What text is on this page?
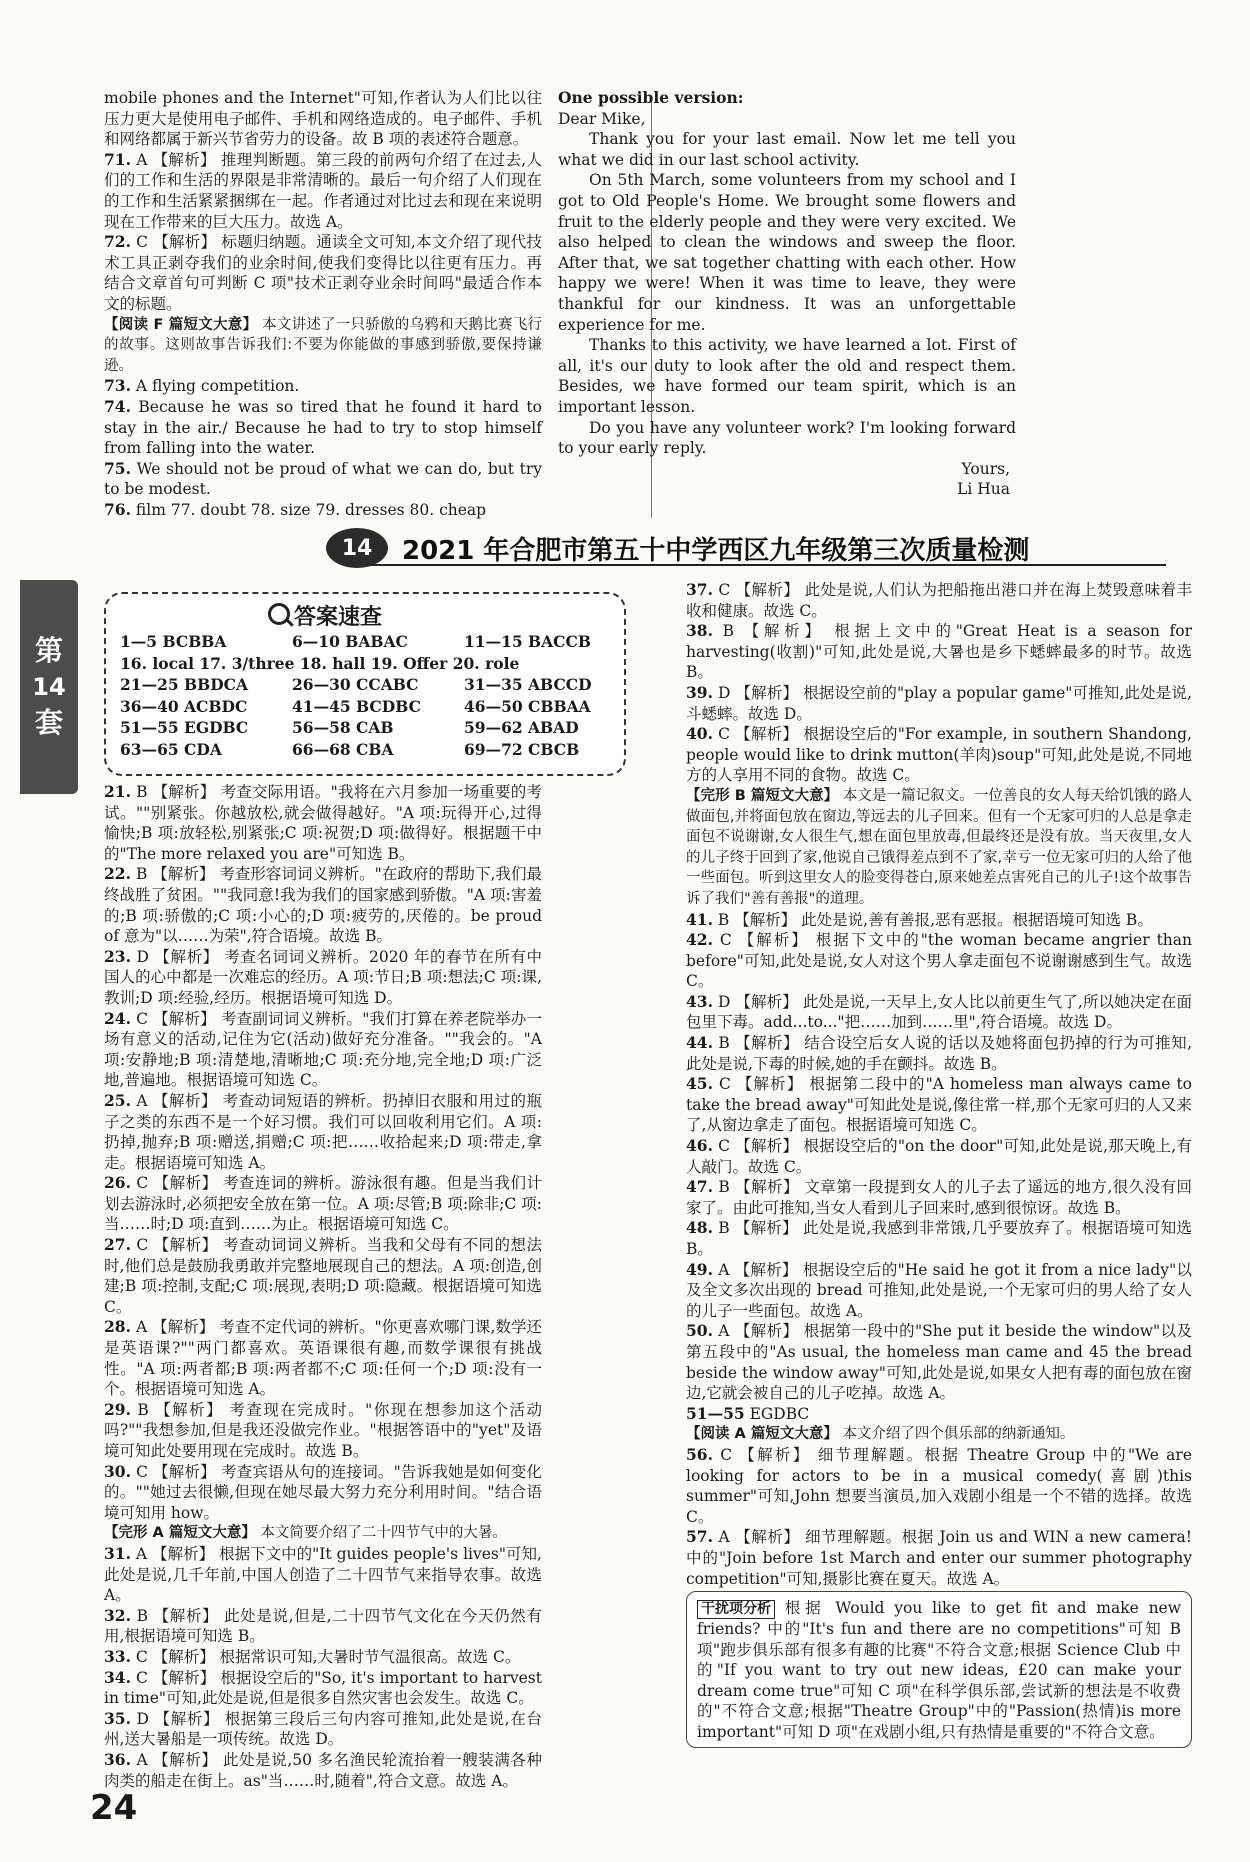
mobile phones and the Internet"可知,作者认为人们比以往压力更大是使用电子邮件、手机和网络造成的。电子邮件、手机和网络都属于新兴节省劳力的设备。故 B 项的表述符合题意。

71. A 【解析】 推理判断题。第三段的前两句介绍了在过去,人们的工作和生活的界限是非常清晰的。最后一句介绍了人们现在的工作和生活紧紧捆绑在一起。作者通过对比过去和现在来说明现在工作带来的巨大压力。故选 A。

72. C 【解析】 标题归纳题。通读全文可知,本文介绍了现代技术工具正剥夺我们的业余时间,使我们变得比以往更有压力。再结合文章首句可判断 C 项"技术正剥夺业余时间吗"最适合作本文的标题。

【阅读 F 篇短文大意】 本文讲述了一只骄傲的乌鸦和天鹅比赛飞行的故事。这则故事告诉我们:不要为你能做的事感到骄傲,要保持谦逊。

73. A flying competition.

74. Because he was so tired that he found it hard to stay in the air./ Because he had to try to stop himself from falling into the water.

75. We should not be proud of what we can do, but try to be modest.

76. film 77. doubt 78. size 79. dresses 80. cheap

One possible version:

Dear Mike,

Thank you for your last email. Now let me tell you what we did in our last school activity.

On 5th March, some volunteers from my school and I got to Old People's Home. We brought some flowers and fruit to the elderly people and they were very excited. We also helped to clean the windows and sweep the floor. After that, we sat together chatting with each other. How happy we were! When it was time to leave, they were thankful for our kindness. It was an unforgettable experience for me.

Thanks to this activity, we have learned a lot. First of all, it's our duty to look after the old and respect them. Besides, we have formed our team spirit, which is an important lesson.

Do you have any volunteer work? I'm looking forward to your early reply.

Yours,

Li Hua

14	2021 年合肥市第五十中学西区九年级第三次质量检测
第
14
套
答案速查
1—5 BCBBA	6—10 BABAC	11—15 BACCB
16. local 17. 3/three 18. hall 19. Offer 20. role
21—25 BBDCA	26—30 CCABC	31—35 ABCCD
36—40 ACBDC	41—45 BCDBC	46—50 CBBAA
51—55 EGDBC	56—58 CAB	59—62 ABAD
63—65 CDA	66—68 CBA	69—72 CBCB

21. B 【解析】 考查交际用语。"我将在六月参加一场重要的考试。""别紧张。你越放松,就会做得越好。"A 项:玩得开心,过得愉快;B 项:放轻松,别紧张;C 项:祝贺;D 项:做得好。根据题干中的"The more relaxed you are"可知选 B。

22. B 【解析】 考查形容词词义辨析。"在政府的帮助下,我们最终战胜了贫困。""我同意!我为我们的国家感到骄傲。"A 项:害羞的;B 项:骄傲的;C 项:小心的;D 项:疲劳的,厌倦的。be proud of 意为"以……为荣",符合语境。故选 B。

23. D 【解析】 考查名词词义辨析。2020 年的春节在所有中国人的心中都是一次难忘的经历。A 项:节日;B 项:想法;C 项:课,教训;D 项:经验,经历。根据语境可知选 D。

24. C 【解析】 考查副词词义辨析。"我们打算在养老院举办一场有意义的活动,记住为它(活动)做好充分准备。""我会的。"A 项:安静地;B 项:清楚地,清晰地;C 项:充分地,完全地;D 项:广泛地,普遍地。根据语境可知选 C。

25. A 【解析】 考查动词短语的辨析。扔掉旧衣服和用过的瓶子之类的东西不是一个好习惯。我们可以回收利用它们。A 项:扔掉,抛弃;B 项:赠送,捐赠;C 项:把……收拾起来;D 项:带走,拿走。根据语境可知选 A。

26. C 【解析】 考查连词的辨析。游泳很有趣。但是当我们计划去游泳时,必须把安全放在第一位。A 项:尽管;B 项:除非;C 项:当……时;D 项:直到……为止。根据语境可知选 C。

27. C 【解析】 考查动词词义辨析。当我和父母有不同的想法时,他们总是鼓励我勇敢并完整地展现自己的想法。A 项:创造,创建;B 项:控制,支配;C 项:展现,表明;D 项:隐藏。根据语境可知选 C。

28. A 【解析】 考查不定代词的辨析。"你更喜欢哪门课,数学还是英语课?""两门都喜欢。英语课很有趣,而数学课很有挑战性。"A 项:两者都;B 项:两者都不;C 项:任何一个;D 项:没有一个。根据语境可知选 A。

29. B 【解析】 考查现在完成时。"你现在想参加这个活动吗?""我想参加,但是我还没做完作业。"根据答语中的"yet"及语境可知此处要用现在完成时。故选 B。

30. C 【解析】 考查宾语从句的连接词。"告诉我她是如何变化的。""她过去很懒,但现在她尽最大努力充分利用时间。"结合语境可知用 how。

【完形 A 篇短文大意】 本文简要介绍了二十四节气中的大暑。

31. A 【解析】 根据下文中的"It guides people's lives"可知,此处是说,几千年前,中国人创造了二十四节气来指导农事。故选 A。

32. B 【解析】 此处是说,但是,二十四节气文化在今天仍然有用,根据语境可知选 B。

33. C 【解析】 根据常识可知,大暑时节气温很高。故选 C。

34. C 【解析】 根据设空后的"So, it's important to harvest in time"可知,此处是说,但是很多自然灾害也会发生。故选 C。

35. D 【解析】 根据第三段后三句内容可推知,此处是说,在台州,送大暑船是一项传统。故选 D。

36. A 【解析】 此处是说,50 多名渔民轮流抬着一艘装满各种肉类的船走在街上。as"当……时,随着",符合文意。故选 A。

37. C 【解析】 此处是说,人们认为把船拖出港口并在海上焚毁意味着丰收和健康。故选 C。

38. B 【解析】 根据上文中的"Great Heat is a season for harvesting(收割)"可知,此处是说,大暑也是乡下蟋蟀最多的时节。故选 B。

39. D 【解析】 根据设空前的"play a popular game"可推知,此处是说,斗蟋蟀。故选 D。

40. C 【解析】 根据设空后的"For example, in southern Shandong, people would like to drink mutton(羊肉)soup"可知,此处是说,不同地方的人享用不同的食物。故选 C。

【完形 B 篇短文大意】 本文是一篇记叙文。一位善良的女人每天给饥饿的路人做面包,并将面包放在窗边,等远去的儿子回来。但有一个无家可归的人总是拿走面包不说谢谢,女人很生气,想在面包里放毒,但最终还是没有放。当天夜里,女人的儿子终于回到了家,他说自己饿得差点到不了家,幸亏一位无家可归的人给了他一些面包。听到这里女人的脸变得苍白,原来她差点害死自己的儿子!这个故事告诉了我们"善有善报"的道理。

41. B 【解析】 此处是说,善有善报,恶有恶报。根据语境可知选 B。

42. C 【解析】 根据下文中的"the woman became angrier than before"可知,此处是说,女人对这个男人拿走面包不说谢谢感到生气。故选 C。

43. D 【解析】 此处是说,一天早上,女人比以前更生气了,所以她决定在面包里下毒。add...to..."把……加到……里",符合语境。故选 D。

44. B 【解析】 结合设空后女人说的话以及她将面包扔掉的行为可推知,此处是说,下毒的时候,她的手在颤抖。故选 B。

45. C 【解析】 根据第二段中的"A homeless man always came to take the bread away"可知此处是说,像往常一样,那个无家可归的人又来了,从窗边拿走了面包。根据语境可知选 C。

46. C 【解析】 根据设空后的"on the door"可知,此处是说,那天晚上,有人敲门。故选 C。

47. B 【解析】 文章第一段提到女人的儿子去了遥远的地方,很久没有回家了。由此可推知,当女人看到儿子回来时,感到很惊讶。故选 B。

48. B 【解析】 此处是说,我感到非常饿,几乎要放弃了。根据语境可知选 B。

49. A 【解析】 根据设空后的"He said he got it from a nice lady"以及全文多次出现的 bread 可推知,此处是说,一个无家可归的男人给了女人的儿子一些面包。故选 A。

50. A 【解析】 根据第一段中的"She put it beside the window"以及第五段中的"As usual, the homeless man came and 45 the bread beside the window away"可知,此处是说,如果女人把有毒的面包放在窗边,它就会被自己的儿子吃掉。故选 A。

51—55 EGDBC

【阅读 A 篇短文大意】 本文介绍了四个俱乐部的纳新通知。

56. C 【解析】 细节理解题。根据 Theatre Group 中的"We are looking for actors to be in a musical comedy(喜剧)this summer"可知,John 想要当演员,加入戏剧小组是一个不错的选择。故选 C。

57. A 【解析】 细节理解题。根据 Join us and WIN a new camera! 中的"Join before 1st March and enter our summer photography competition"可知,摄影比赛在夏天。故选 A。

干扰项分析 根据 Would you like to get fit and make new friends? 中的"It's fun and there are no competitions"可知 B 项"跑步俱乐部有很多有趣的比赛"不符合文意;根据 Science Club 中的"If you want to try out new ideas, £20 can make your dream come true"可知 C 项"在科学俱乐部,尝试新的想法是不收费的"不符合文意;根据"Theatre Group"中的"Passion(热情)is more important"可知 D 项"在戏剧小组,只有热情是重要的"不符合文意。

24
